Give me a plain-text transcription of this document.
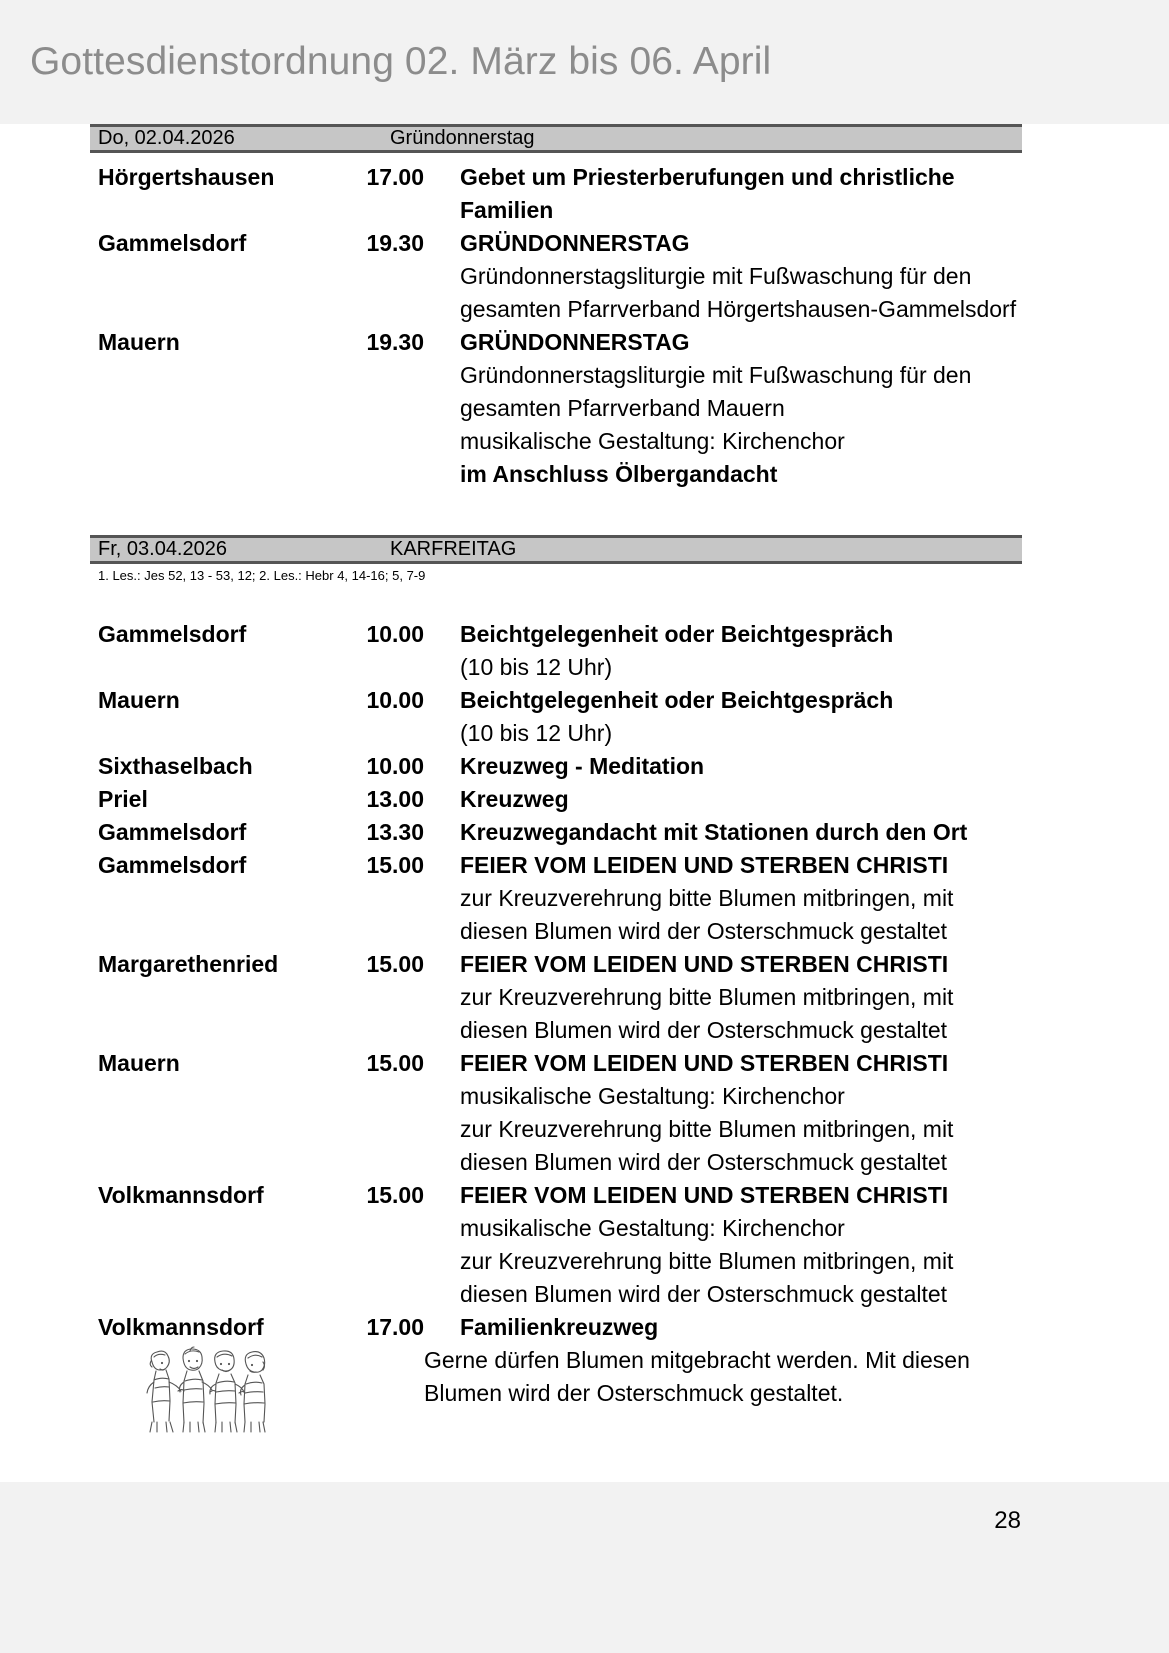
Gottesdienstordnung 02. März bis 06. April
Do, 02.04.2026	Gründonnerstag
Hörgertshausen	17.00 Gebet um Priesterberufungen und christliche Familien
Gammelsdorf	19.30 GRÜNDONNERSTAG
Gründonnerstagsliturgie mit Fußwaschung für den gesamten Pfarrverband Hörgertshausen-Gammelsdorf
Mauern	19.30 GRÜNDONNERSTAG
Gründonnerstagsliturgie mit Fußwaschung für den gesamten Pfarrverband Mauern
musikalische Gestaltung: Kirchenchor
im Anschluss Ölbergandacht
Fr, 03.04.2026	KARFREITAG
1. Les.: Jes 52, 13 - 53, 12; 2. Les.: Hebr 4, 14-16; 5, 7-9
Gammelsdorf	10.00 Beichtgelegenheit oder Beichtgespräch
(10 bis 12 Uhr)
Mauern	10.00 Beichtgelegenheit oder Beichtgespräch
(10 bis 12 Uhr)
Sixthaselbach	10.00 Kreuzweg - Meditation
Priel	13.00 Kreuzweg
Gammelsdorf	13.30 Kreuzwegandacht mit Stationen durch den Ort
Gammelsdorf	15.00 FEIER VOM LEIDEN UND STERBEN CHRISTI
zur Kreuzverehrung bitte Blumen mitbringen, mit diesen Blumen wird der Osterschmuck gestaltet
Margarethenried	15.00 FEIER VOM LEIDEN UND STERBEN CHRISTI
zur Kreuzverehrung bitte Blumen mitbringen, mit diesen Blumen wird der Osterschmuck gestaltet
Mauern	15.00 FEIER VOM LEIDEN UND STERBEN CHRISTI
musikalische Gestaltung: Kirchenchor
zur Kreuzverehrung bitte Blumen mitbringen, mit diesen Blumen wird der Osterschmuck gestaltet
Volkmannsdorf	15.00 FEIER VOM LEIDEN UND STERBEN CHRISTI
musikalische Gestaltung: Kirchenchor
zur Kreuzverehrung bitte Blumen mitbringen, mit diesen Blumen wird der Osterschmuck gestaltet
Volkmannsdorf	17.00 Familienkreuzweg
Gerne dürfen Blumen mitgebracht werden. Mit diesen Blumen wird der Osterschmuck gestaltet.
28
